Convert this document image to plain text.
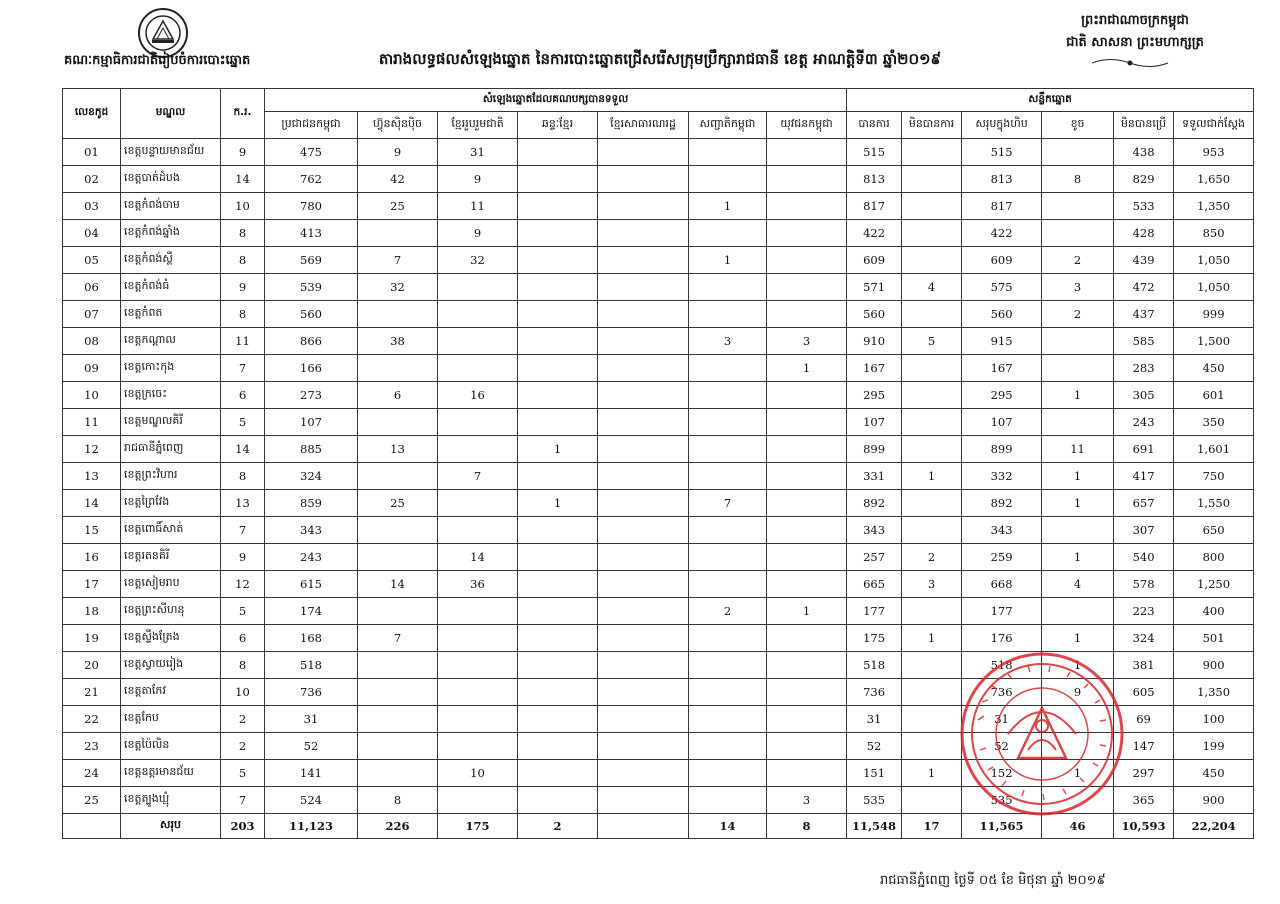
គណៈកម្មាធិការជាតិរៀបចំការបោះឆ្នោត	តារាងលទ្ធផលសំឡេងឆ្នោត នៃការបោះឆ្នោតជ្រើសរើសក្រុមប្រឹក្សារាជធានី ខេត្ត អាណត្តិទី៣ ឆ្នាំ២០១៩
ព្រះរាជាណាចក្រកម្ពុជា
ជាតិ សាសនា ព្រះមហាក្សត្រ
លេខកូដ	មណ្ឌល	ក.រ.	សំឡេងឆ្នោតដែលគណបក្សបានទទួល							សន្លឹកឆ្នោត					
			ប្រជាជនកម្ពុជា	ហ៊្វុនស៊ិនប៉ិច	ខ្មែររួបរួមជាតិ	ឆន្ទៈខ្មែរ	ខ្មែរសាធារណរដ្ឋ	សញ្ជាតិកម្ពុជា	យុវជនកម្ពុជា	បានការ	មិនបានការ	សរុបក្នុងហិប	ខូច	មិនបានប្រើ	ទទួលជាក់ស្តែង
01	ខេត្តបន្ទាយមានជ័យ	9	475	9	31					515		515		438	953
02	ខេត្តបាត់ដំបង	14	762	42	9					813		813	8	829	1,650
03	ខេត្តកំពង់ចាម	10	780	25	11			1		817		817		533	1,350
04	ខេត្តកំពង់ឆ្នាំង	8	413		9					422		422		428	850
05	ខេត្តកំពង់ស្ពឺ	8	569	7	32			1		609		609	2	439	1,050
06	ខេត្តកំពង់ធំ	9	539	32						571	4	575	3	472	1,050
07	ខេត្តកំពត	8	560							560		560	2	437	999
08	ខេត្តកណ្តាល	11	866	38				3	3	910	5	915		585	1,500
09	ខេត្តកោះកុង	7	166						1	167		167		283	450
10	ខេត្តក្រចេះ	6	273	6	16					295		295	1	305	601
11	ខេត្តមណ្ឌលគិរី	5	107							107		107		243	350
12	រាជធានីភ្នំពេញ	14	885	13		1				899		899	11	691	1,601
13	ខេត្តព្រះវិហារ	8	324		7					331	1	332	1	417	750
14	ខេត្តព្រៃវែង	13	859	25		1		7		892		892	1	657	1,550
15	ខេត្តពោធិ៍សាត់	7	343							343		343		307	650
16	ខេត្តរតនគិរី	9	243		14					257	2	259	1	540	800
17	ខេត្តសៀមរាប	12	615	14	36					665	3	668	4	578	1,250
18	ខេត្តព្រះសីហនុ	5	174					2	1	177		177		223	400
19	ខេត្តស្ទឹងត្រែង	6	168	7						175	1	176	1	324	501
20	ខេត្តស្វាយរៀង	8	518							518		518	1	381	900
21	ខេត្តតាកែវ	10	736							736		736	9	605	1,350
22	ខេត្តកែប	2	31							31		31		69	100
23	ខេត្តប៉ៃលិន	2	52							52		52		147	199
24	ខេត្តឧត្តរមានជ័យ	5	141		10					151	1	152	1	297	450
25	ខេត្តត្បូងឃ្មុំ	7	524	8					3	535		535		365	900
	សរុប	203	11,123	226	175	2		14	8	11,548	17	11,565	46	10,593	22,204
រាជធានីភ្នំពេញ ថ្ងៃទី ០៥ ខែ មិថុនា ឆ្នាំ ២០១៩
